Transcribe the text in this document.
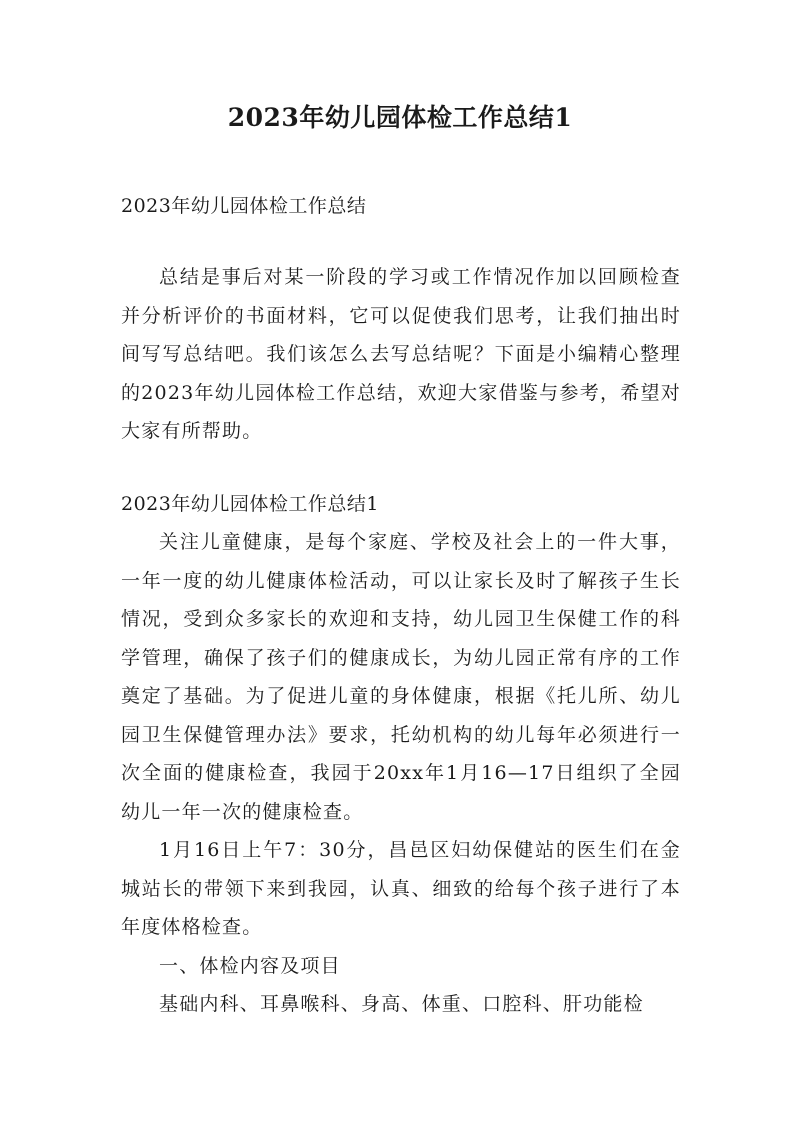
2023年幼儿园体检工作总结1
2023年幼儿园体检工作总结

总结是事后对某一阶段的学习或工作情况作加以回顾检查并分析评价的书面材料，它可以促使我们思考，让我们抽出时间写写总结吧。我们该怎么去写总结呢？下面是小编精心整理的2023年幼儿园体检工作总结，欢迎大家借鉴与参考，希望对大家有所帮助。

2023年幼儿园体检工作总结1

关注儿童健康，是每个家庭、学校及社会上的一件大事，一年一度的幼儿健康体检活动，可以让家长及时了解孩子生长情况，受到众多家长的欢迎和支持，幼儿园卫生保健工作的科学管理，确保了孩子们的健康成长，为幼儿园正常有序的工作奠定了基础。为了促进儿童的身体健康，根据《托儿所、幼儿园卫生保健管理办法》要求，托幼机构的幼儿每年必须进行一次全面的健康检查，我园于20xx年1月16—17日组织了全园幼儿一年一次的健康检查。

1月16日上午7：30分，昌邑区妇幼保健站的医生们在金城站长的带领下来到我园，认真、细致的给每个孩子进行了本年度体格检查。

一、体检内容及项目

基础内科、耳鼻喉科、身高、体重、口腔科、肝功能检
